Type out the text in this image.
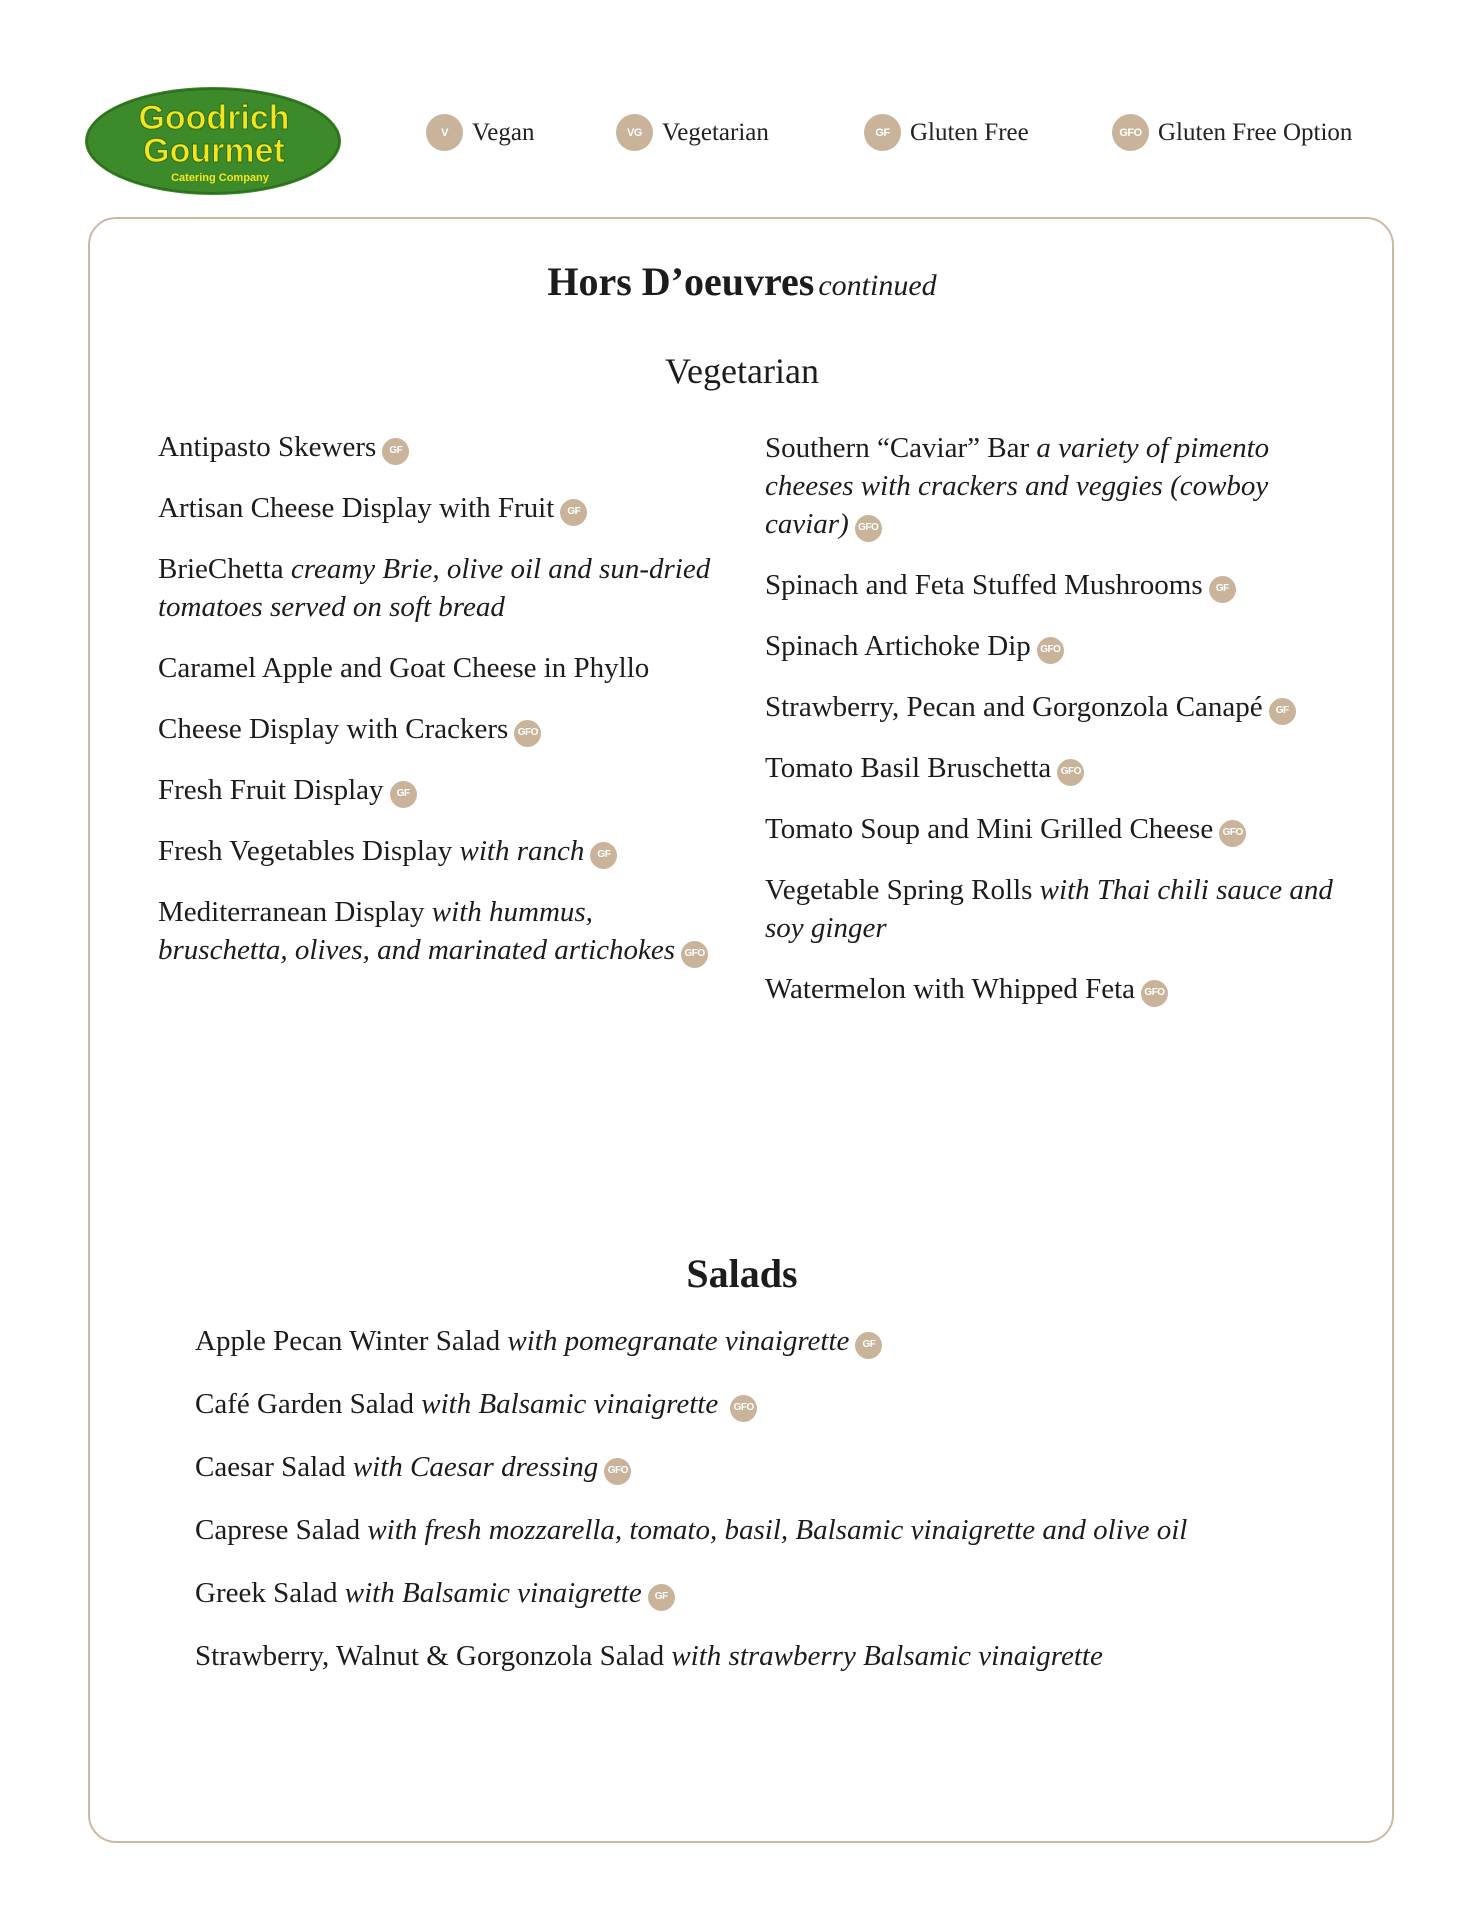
Goodrich
Gourmet
Catering Company
V Vegan	VG Vegetarian	GF Gluten Free	GFO Gluten Free Option
Hors D’oeuvres continued
Vegetarian
Antipasto Skewers GF
Artisan Cheese Display with Fruit GF
BrieChetta creamy Brie, olive oil and sun-dried tomatoes served on soft bread
Caramel Apple and Goat Cheese in Phyllo
Cheese Display with Crackers GFO
Fresh Fruit Display GF
Fresh Vegetables Display with ranch GF
Mediterranean Display with hummus, bruschetta, olives, and marinated artichokes GFO
Southern “Caviar” Bar a variety of pimento cheeses with crackers and veggies (cowboy caviar) GFO
Spinach and Feta Stuffed Mushrooms GF
Spinach Artichoke Dip GFO
Strawberry, Pecan and Gorgonzola Canapé GF
Tomato Basil Bruschetta GFO
Tomato Soup and Mini Grilled Cheese GFO
Vegetable Spring Rolls with Thai chili sauce and soy ginger
Watermelon with Whipped Feta GFO
Salads
Apple Pecan Winter Salad with pomegranate vinaigrette GF
Café Garden Salad with Balsamic vinaigrette GFO
Caesar Salad with Caesar dressing GFO
Caprese Salad with fresh mozzarella, tomato, basil, Balsamic vinaigrette and olive oil
Greek Salad with Balsamic vinaigrette GF
Strawberry, Walnut & Gorgonzola Salad with strawberry Balsamic vinaigrette
